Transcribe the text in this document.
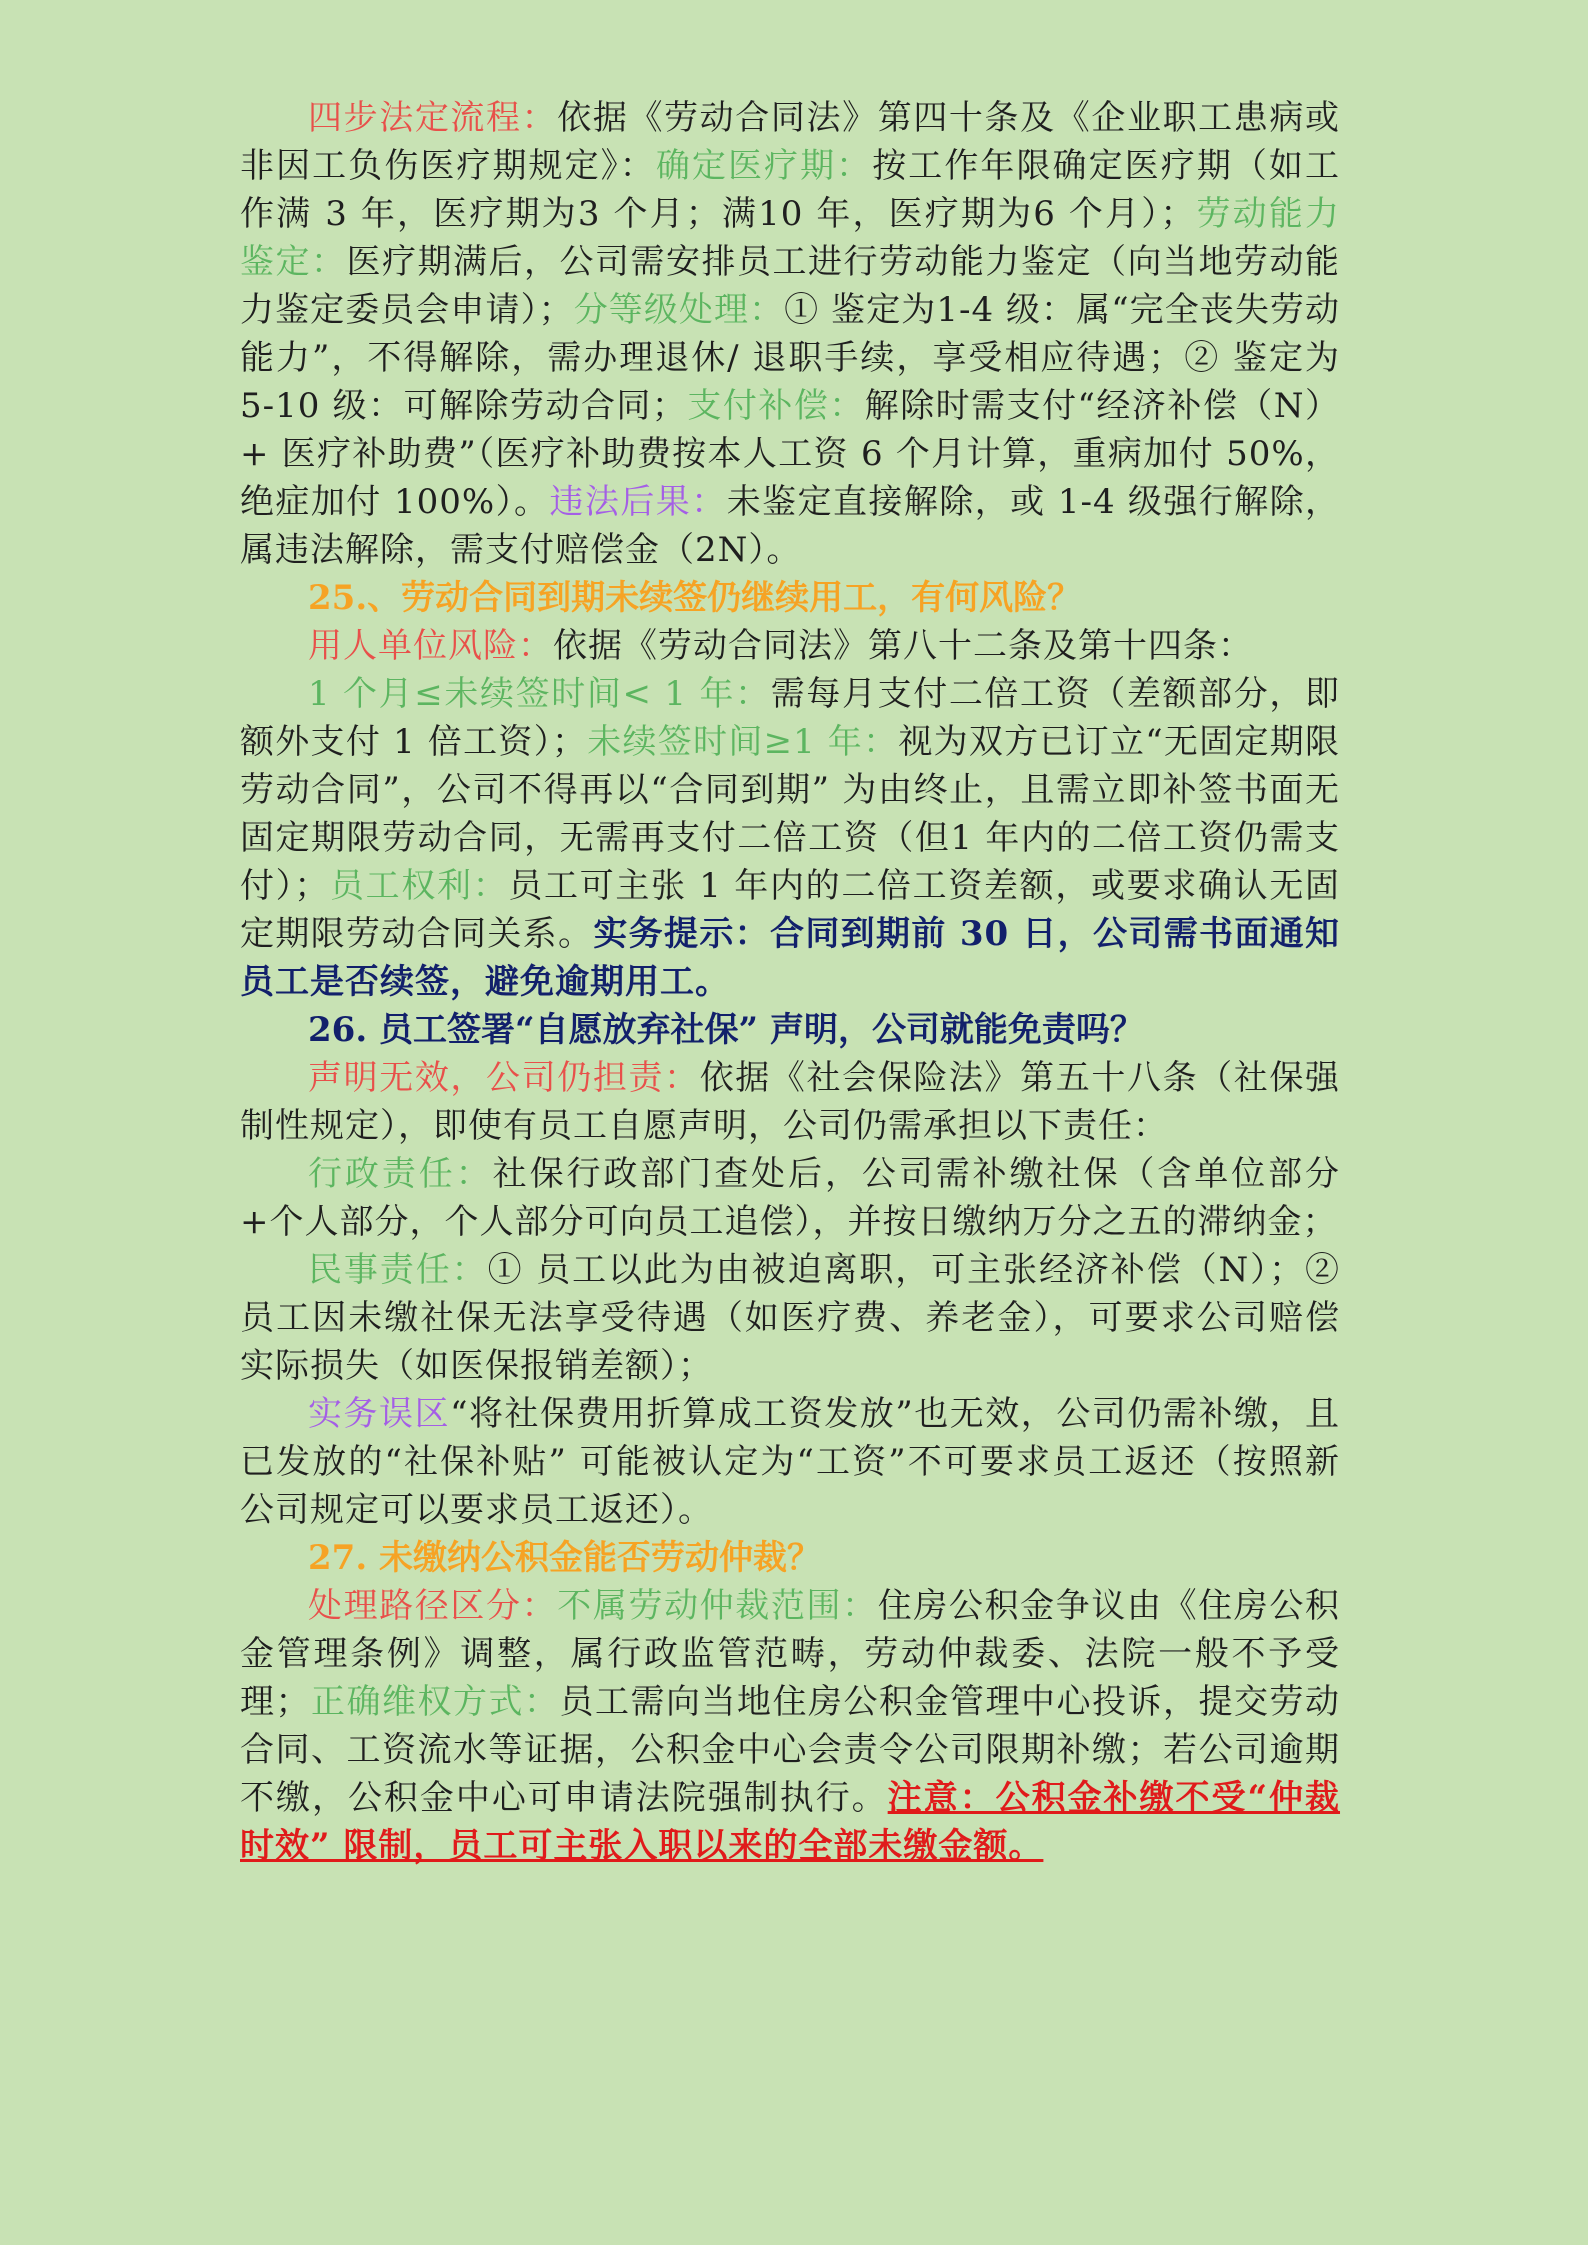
四步法定流程：依据《劳动合同法》第四十条及《企业职工患病或非因工负伤医疗期规定》：确定医疗期：按工作年限确定医疗期（如工作满 3 年，医疗期为3 个月；满10 年，医疗期为6 个月）；劳动能力鉴定：医疗期满后，公司需安排员工进行劳动能力鉴定（向当地劳动能力鉴定委员会申请）；分等级处理：① 鉴定为1-4 级：属“完全丧失劳动能力”，不得解除，需办理退休/ 退职手续，享受相应待遇；② 鉴定为5-10 级：可解除劳动合同；支付补偿：解除时需支付“经济补偿（N）+ 医疗补助费”（医疗补助费按本人工资 6 个月计算，重病加付 50%，绝症加付 100%）。违法后果：未鉴定直接解除，或 1-4 级强行解除，属违法解除，需支付赔偿金（2N）。

25.、劳动合同到期未续签仍继续用工，有何风险？

用人单位风险：依据《劳动合同法》第八十二条及第十四条：

1 个月≤未续签时间< 1 年：需每月支付二倍工资（差额部分，即额外支付 1 倍工资）；未续签时间≥1 年：视为双方已订立“无固定期限劳动合同”，公司不得再以“合同到期” 为由终止，且需立即补签书面无固定期限劳动合同，无需再支付二倍工资（但1 年内的二倍工资仍需支付）；员工权利：员工可主张 1 年内的二倍工资差额，或要求确认无固定期限劳动合同关系。实务提示：合同到期前 30 日，公司需书面通知员工是否续签，避免逾期用工。

26. 员工签署“自愿放弃社保” 声明，公司就能免责吗？

声明无效，公司仍担责：依据《社会保险法》第五十八条（社保强制性规定），即使有员工自愿声明，公司仍需承担以下责任：

行政责任：社保行政部门查处后，公司需补缴社保（含单位部分+个人部分，个人部分可向员工追偿），并按日缴纳万分之五的滞纳金；

民事责任：① 员工以此为由被迫离职，可主张经济补偿（N）；② 员工因未缴社保无法享受待遇（如医疗费、养老金），可要求公司赔偿实际损失（如医保报销差额）；

实务误区“将社保费用折算成工资发放”也无效，公司仍需补缴，且已发放的“社保补贴” 可能被认定为“工资”不可要求员工返还（按照新公司规定可以要求员工返还）。

27. 未缴纳公积金能否劳动仲裁？

处理路径区分：不属劳动仲裁范围：住房公积金争议由《住房公积金管理条例》调整，属行政监管范畴，劳动仲裁委、法院一般不予受理；正确维权方式：员工需向当地住房公积金管理中心投诉，提交劳动合同、工资流水等证据，公积金中心会责令公司限期补缴；若公司逾期不缴，公积金中心可申请法院强制执行。注意：公积金补缴不受“仲裁时效” 限制，员工可主张入职以来的全部未缴金额。
